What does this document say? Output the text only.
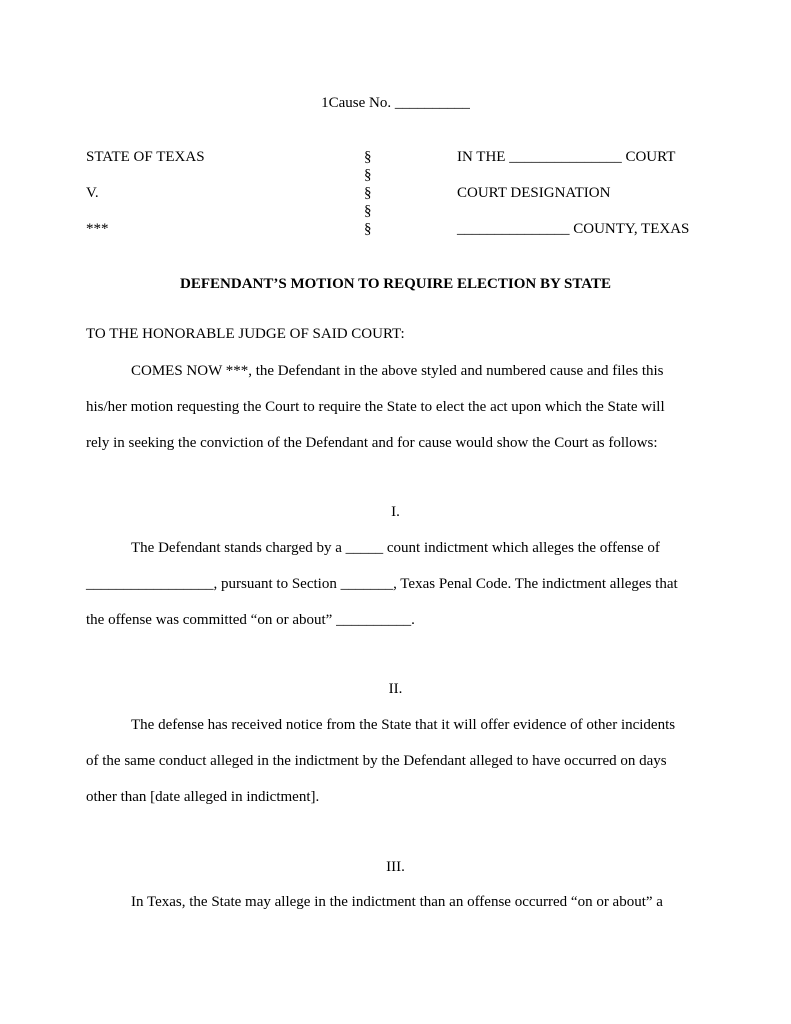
1Cause No. __________
STATE OF TEXAS
V.
***
§
§
§
§
§
IN THE _______________ COURT
COURT DESIGNATION
_______________ COUNTY, TEXAS
DEFENDANT’S MOTION TO REQUIRE ELECTION BY STATE
TO THE HONORABLE JUDGE OF SAID COURT:
COMES NOW ***, the Defendant in the above styled and numbered cause and files this
his/her motion requesting the Court to require the State to elect the act upon which the State will
rely in seeking the conviction of the Defendant and for cause would show the Court as follows:
I.
The Defendant stands charged by a _____ count indictment which alleges the offense of
_________________, pursuant to Section _______, Texas Penal Code. The indictment alleges that
the offense was committed “on or about” __________.
II.
The defense has received notice from the State that it will offer evidence of other incidents
of the same conduct alleged in the indictment by the Defendant alleged to have occurred on days
other than [date alleged in indictment].
III.
In Texas, the State may allege in the indictment than an offense occurred “on or about” a
